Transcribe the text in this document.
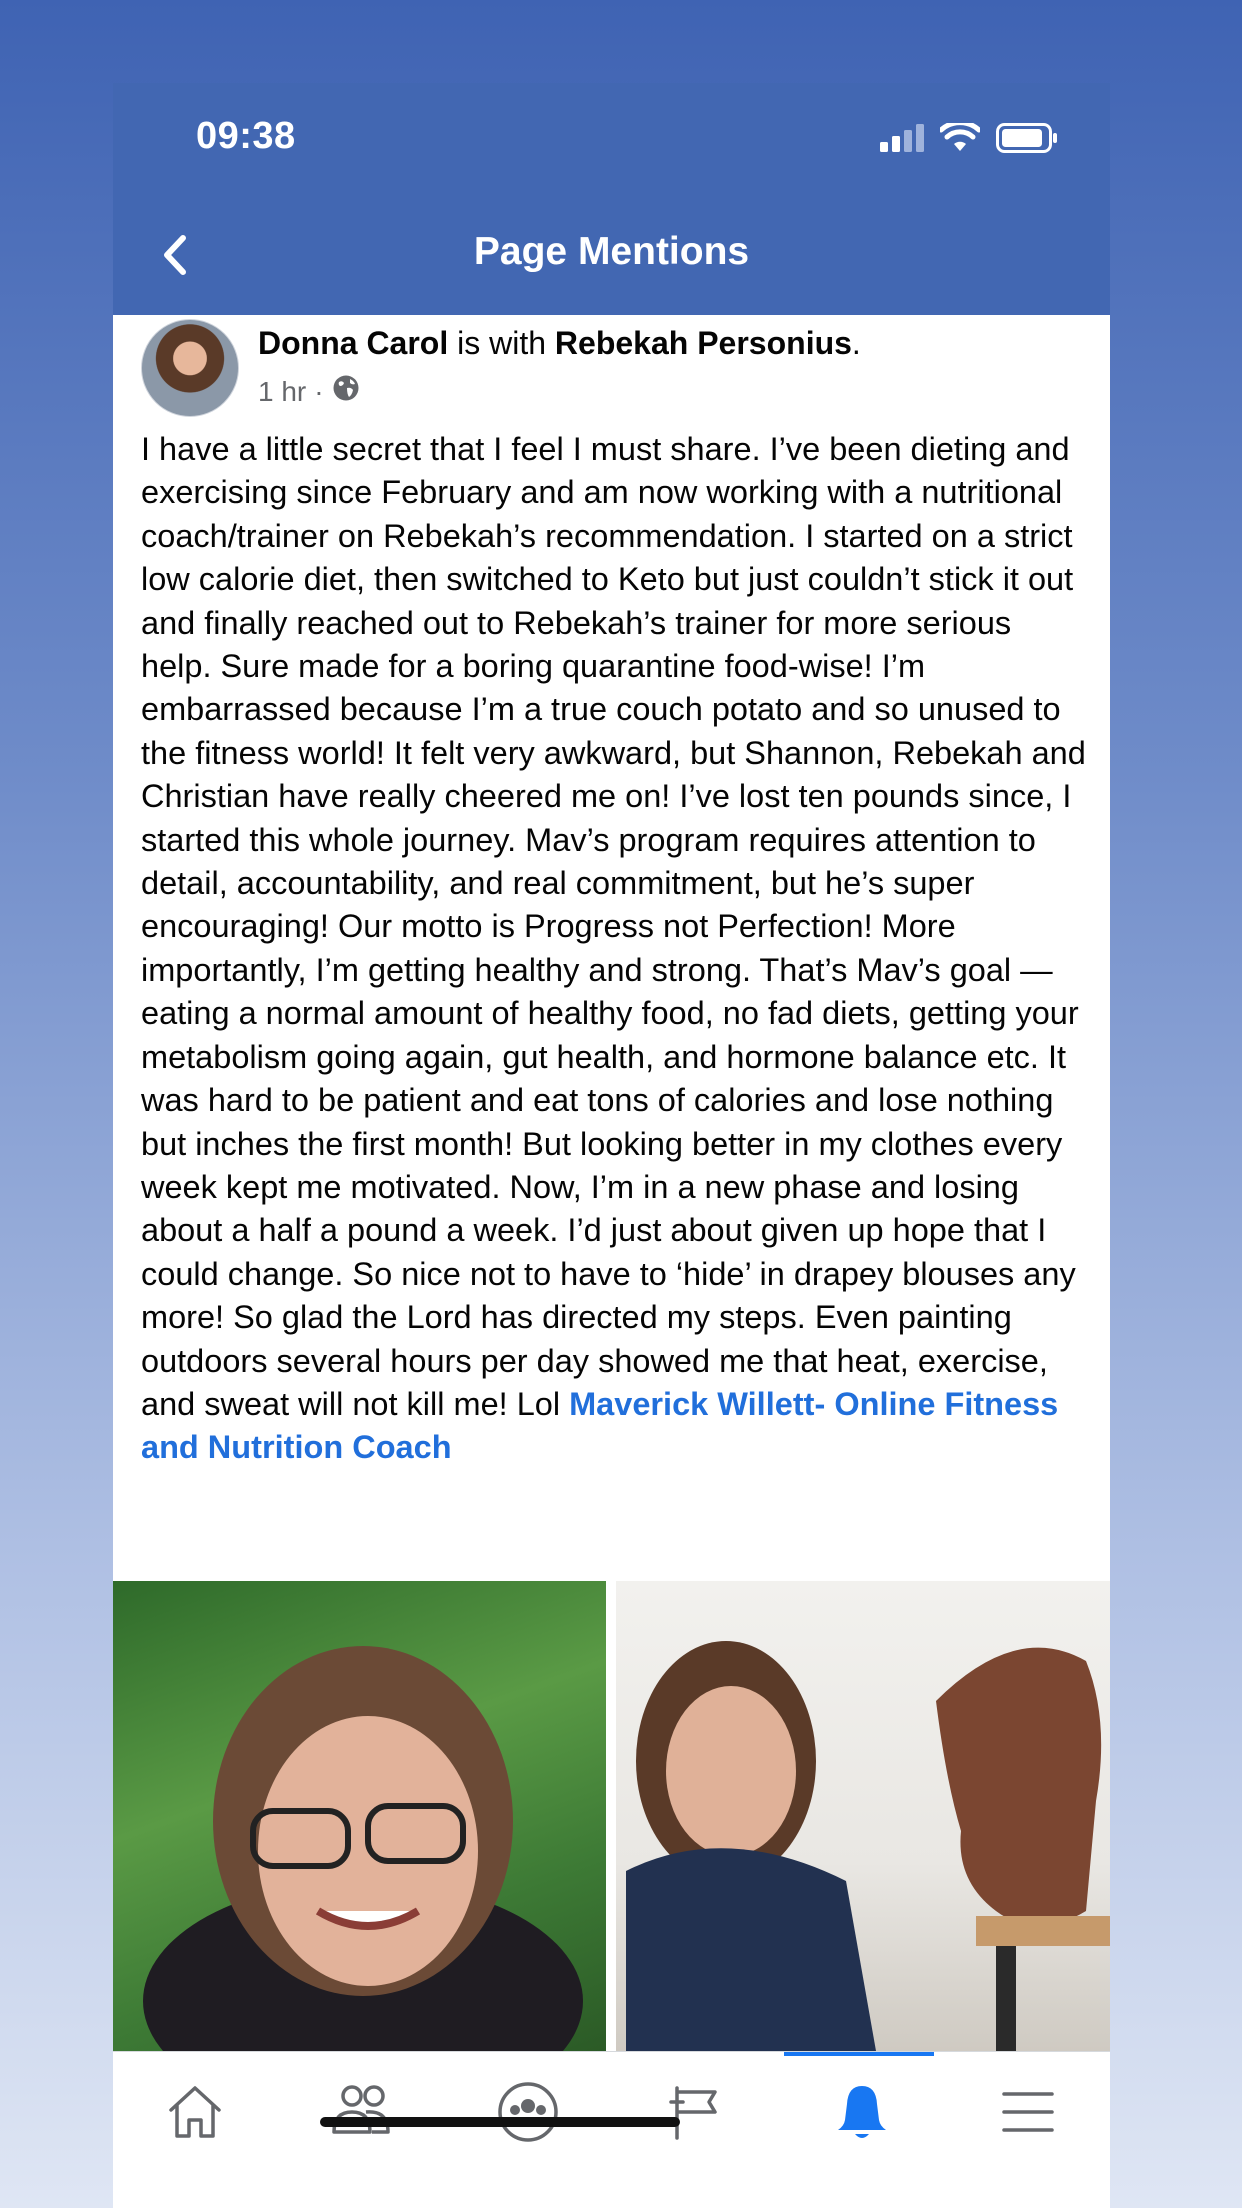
09:38
Page Mentions
Donna Carol is with Rebekah Personius.
1 hr ·
I have a little secret that I feel I must share. I’ve been dieting and exercising since February and am now working with a nutritional coach/trainer on Rebekah’s recommendation. I started on a strict low calorie diet, then switched to Keto but just couldn’t stick it out and finally reached out to Rebekah’s trainer for more serious help. Sure made for a boring quarantine food-wise! I’m embarrassed because I’m a true couch potato and so unused to the fitness world! It felt very awkward, but Shannon, Rebekah and Christian have really cheered me on! I’ve lost ten pounds since, I started this whole journey. Mav’s program requires attention to detail, accountability, and real commitment, but he’s super encouraging! Our motto is Progress not Perfection! More importantly, I’m getting healthy and strong. That’s Mav’s goal —eating a normal amount of healthy food, no fad diets, getting your metabolism going again, gut health, and hormone balance etc. It was hard to be patient and eat tons of calories and lose nothing but inches the first month! But looking better in my clothes every week kept me motivated. Now, I’m in a new phase and losing about a half a pound a week. I’d just about given up hope that I could change. So nice not to have to ‘hide’ in drapey blouses any more! So glad the Lord has directed my steps. Even painting outdoors several hours per day showed me that heat, exercise, and sweat will not kill me! Lol Maverick Willett- Online Fitness and Nutrition Coach
